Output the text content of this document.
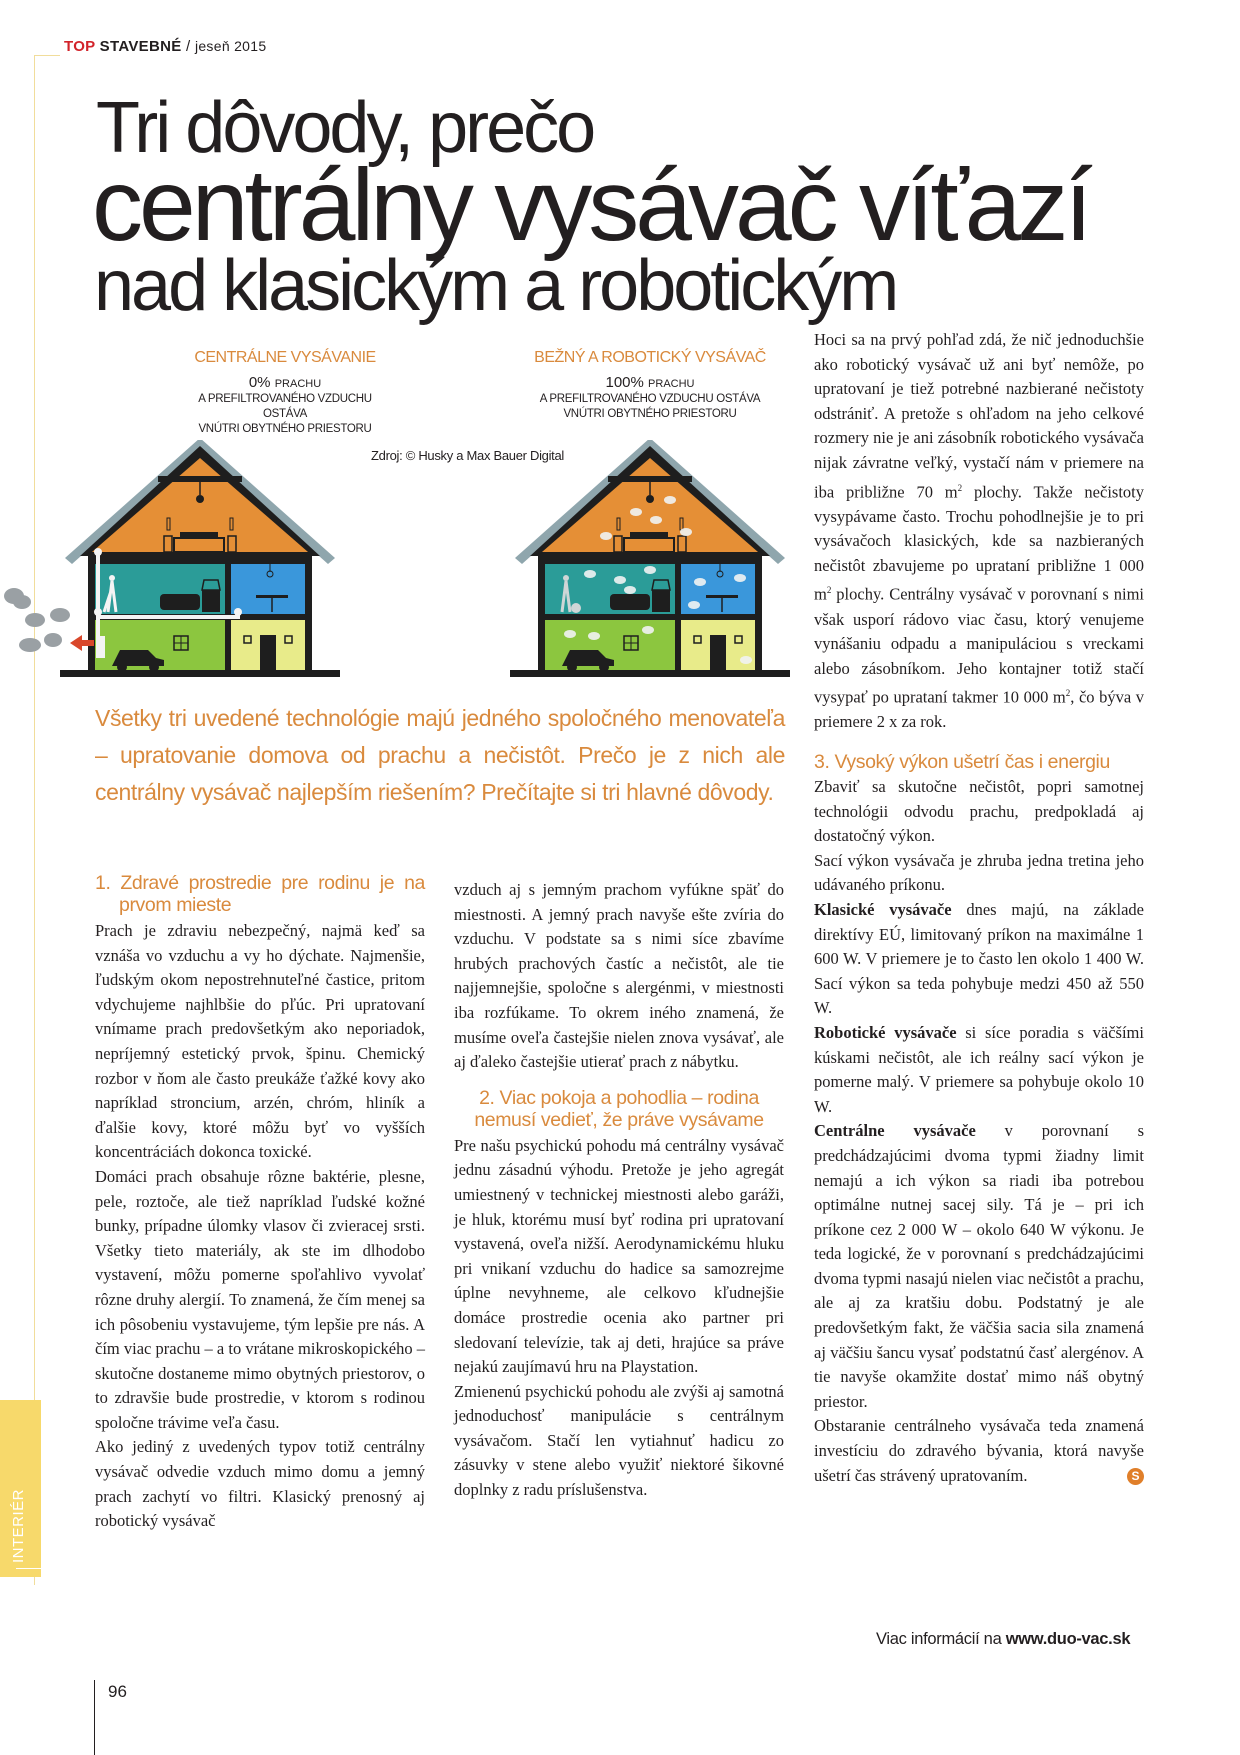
TOP STAVEBNÉ / jeseň 2015
Tri dôvody, prečo
centrálny vysávač víťazí
nad klasickým a robotickým
CENTRÁLNE VYSÁVANIE
0% PRACHU
A PREFILTROVANÉHO VZDUCHU OSTÁVA
VNÚTRI OBYTNÉHO PRIESTORU
BEŽNÝ A ROBOTICKÝ VYSÁVAČ
100% PRACHU
A PREFILTROVANÉHO VZDUCHU OSTÁVA
VNÚTRI OBYTNÉHO PRIESTORU
Zdroj: © Husky a Max Bauer Digital
Všetky tri uvedené technológie majú jedného spoločného menovateľa – upratovanie domova od prachu a nečistôt. Prečo je z nich ale centrálny vysávač najlepším riešením? Prečítajte si tri hlavné dôvody.
1. Zdravé prostredie pre rodinu je na prvom mieste

Prach je zdraviu nebezpečný, najmä keď sa vznáša vo vzduchu a vy ho dýchate. Najmenšie, ľudským okom nepostrehnuteľné častice, pritom vdychujeme najhlbšie do pľúc. Pri upratovaní vnímame prach predovšetkým ako neporiadok, nepríjemný estetický prvok, špinu. Chemický rozbor v ňom ale často preukáže ťažké kovy ako napríklad stroncium, arzén, chróm, hliník a ďalšie kovy, ktoré môžu byť vo vyšších koncentráciách dokonca toxické.

Domáci prach obsahuje rôzne baktérie, plesne, pele, roztoče, ale tiež napríklad ľudské kožné bunky, prípadne úlomky vlasov či zvieracej srsti. Všetky tieto materiály, ak ste im dlhodobo vystavení, môžu pomerne spoľahlivo vyvolať rôzne druhy alergií. To znamená, že čím menej sa ich pôsobeniu vystavujeme, tým lepšie pre nás. A čím viac prachu – a to vrátane mikroskopického – skutočne dostaneme mimo obytných priestorov, o to zdravšie bude prostredie, v ktorom s rodinou spoločne trávime veľa času.

Ako jediný z uvedených typov totiž centrálny vysávač odvedie vzduch mimo domu a jemný prach zachytí vo filtri. Klasický prenosný aj robotický vysávač

vzduch aj s jemným prachom vyfúkne späť do miestnosti. A jemný prach navyše ešte zvíria do vzduchu. V podstate sa s nimi síce zbavíme hrubých prachových častíc a nečistôt, ale tie najjemnejšie, spoločne s alergénmi, v miestnosti iba rozfúkame. To okrem iného znamená, že musíme oveľa častejšie nielen znova vysávať, ale aj ďaleko častejšie utierať prach z nábytku.

2. Viac pokoja a pohodlia – rodina nemusí vedieť, že práve vysávame

Pre našu psychickú pohodu má centrálny vysávač jednu zásadnú výhodu. Pretože je jeho agregát umiestnený v technickej miestnosti alebo garáži, je hluk, ktorému musí byť rodina pri upratovaní vystavená, oveľa nižší. Aerodynamickému hluku pri vnikaní vzduchu do hadice sa samozrejme úplne nevyhneme, ale celkovo kľudnejšie domáce prostredie ocenia ako partner pri sledovaní televízie, tak aj deti, hrajúce sa práve nejakú zaujímavú hru na Playstation.

Zmienenú psychickú pohodu ale zvýši aj samotná jednoduchosť manipulácie s centrálnym vysávačom. Stačí len vytiahnuť hadicu zo zásuvky v stene alebo využiť niektoré šikovné doplnky z radu príslušenstva.

Hoci sa na prvý pohľad zdá, že nič jednoduchšie ako robotický vysávač už ani byť nemôže, po upratovaní je tiež potrebné nazbierané nečistoty odstrániť. A pretože s ohľadom na jeho celkové rozmery nie je ani zásobník robotického vysávača nijak závratne veľký, vystačí nám v priemere na iba približne 70 $m^2$ plochy. Takže nečistoty vysypávame často. Trochu pohodlnejšie je to pri vysávačoch klasických, kde sa nazbieraných nečistôt zbavujeme po uprataní približne 1 000 $m^2$ plochy. Centrálny vysávač v porovnaní s nimi však usporí rádovo viac času, ktorý venujeme vynášaniu odpadu a manipuláciou s vreckami alebo zásobníkom. Jeho kontajner totiž stačí vysypať po uprataní takmer 10 000 $m^2$, čo býva v priemere 2 x za rok.

3. Vysoký výkon ušetrí čas i energiu

Zbaviť sa skutočne nečistôt, popri samotnej technológii odvodu prachu, predpokladá aj dostatočný výkon.

Sací výkon vysávača je zhruba jedna tretina jeho udávaného príkonu.

Klasické vysávače dnes majú, na základe direktívy EÚ, limitovaný príkon na maximálne 1 600 W. V priemere je to často len okolo 1 400 W. Sací výkon sa teda pohybuje medzi 450 až 550 W.

Robotické vysávače si síce poradia s väčšími kúskami nečistôt, ale ich reálny sací výkon je pomerne malý. V priemere sa pohybuje okolo 10 W.

Centrálne vysávače v porovnaní s predchádzajúcimi dvoma typmi žiadny limit nemajú a ich výkon sa riadi iba potrebou optimálne nutnej sacej sily. Tá je – pri ich príkone cez 2 000 W – okolo 640 W výkonu. Je teda logické, že v porovnaní s predchádzajúcimi dvoma typmi nasajú nielen viac nečistôt a prachu, ale aj za kratšiu dobu. Podstatný je ale predovšetkým fakt, že väčšia sacia sila znamená aj väčšiu šancu vysať podstatnú časť alergénov. A tie navyše okamžite dostať mimo náš obytný priestor.

Obstaranie centrálneho vysávača teda znamená investíciu do zdravého bývania, ktorá navyše ušetrí čas strávený upratovaním.	S

Viac informácií na www.duo-vac.sk
INTERIÉR
96
